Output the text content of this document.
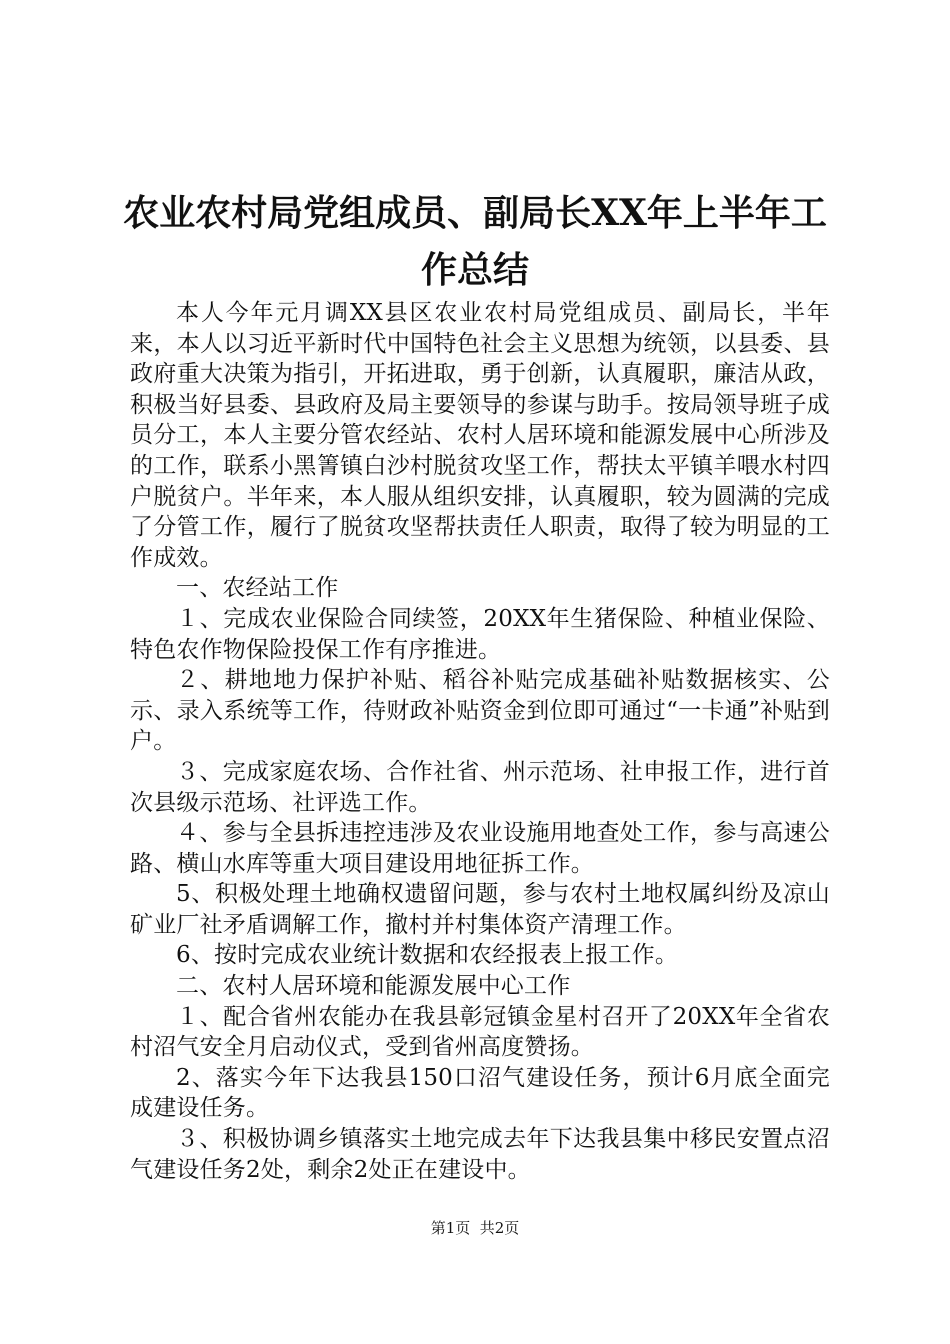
农业农村局党组成员、副局长XX年上半年工
作总结

本人今年元月调XX县区农业农村局党组成员、副局长，半年来，本人以习近平新时代中国特色社会主义思想为统领，以县委、县政府重大决策为指引，开拓进取，勇于创新，认真履职，廉洁从政，积极当好县委、县政府及局主要领导的参谋与助手。按局领导班子成员分工，本人主要分管农经站、农村人居环境和能源发展中心所涉及的工作，联系小黑箐镇白沙村脱贫攻坚工作，帮扶太平镇羊喂水村四户脱贫户。半年来，本人服从组织安排，认真履职，较为圆满的完成了分管工作，履行了脱贫攻坚帮扶责任人职责，取得了较为明显的工作成效。

一、农经站工作

１、完成农业保险合同续签，20XX年生猪保险、种植业保险、特色农作物保险投保工作有序推进。

２、耕地地力保护补贴、稻谷补贴完成基础补贴数据核实、公示、录入系统等工作，待财政补贴资金到位即可通过“一卡通”补贴到户。

３、完成家庭农场、合作社省、州示范场、社申报工作，进行首次县级示范场、社评选工作。

４、参与全县拆违控违涉及农业设施用地查处工作，参与高速公路、横山水库等重大项目建设用地征拆工作。

5、积极处理土地确权遗留问题，参与农村土地权属纠纷及凉山矿业厂社矛盾调解工作，撤村并村集体资产清理工作。

6、按时完成农业统计数据和农经报表上报工作。

二、农村人居环境和能源发展中心工作

１、配合省州农能办在我县彰冠镇金星村召开了20XX年全省农村沼气安全月启动仪式，受到省州高度赞扬。

2、落实今年下达我县150口沼气建设任务，预计6月底全面完成建设任务。

３、积极协调乡镇落实土地完成去年下达我县集中移民安置点沼气建设任务2处，剩余2处正在建设中。

第1页  共2页
